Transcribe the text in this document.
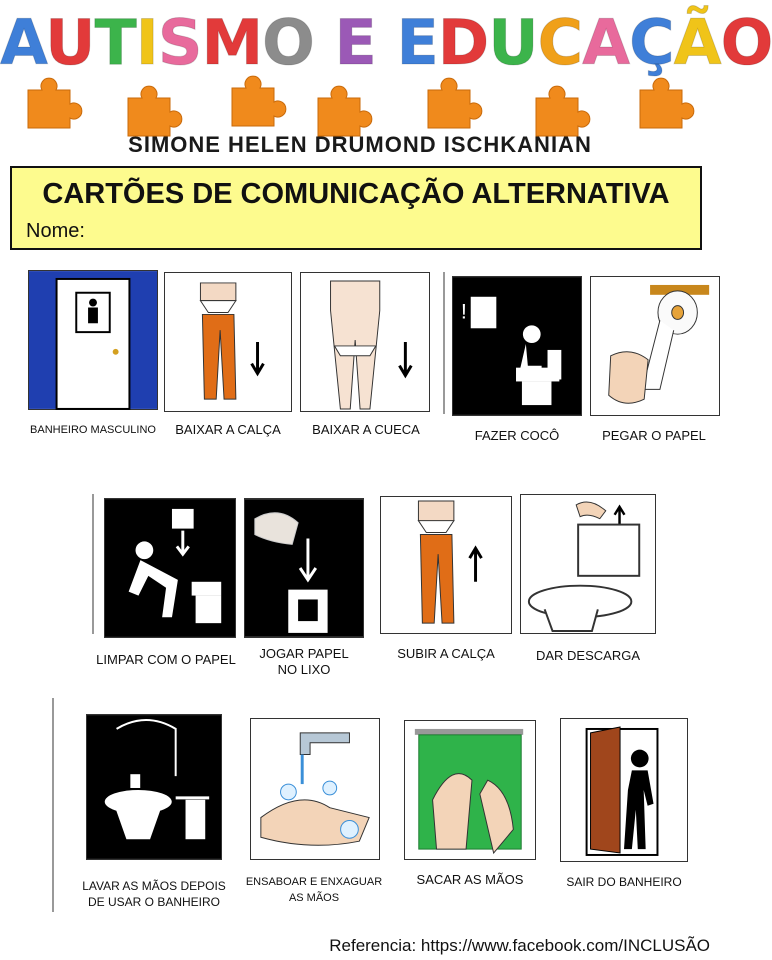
AUTISMO E EDUCAÇÃO
SIMONE HELEN DRUMOND ISCHKANIAN
CARTÕES DE COMUNICAÇÃO ALTERNATIVA
Nome:
BANHEIRO MASCULINO	BAIXAR A CALÇA	BAIXAR A CUECA
!
FAZER COCÔ	PEGAR O PAPEL
LIMPAR COM O PAPEL	JOGAR PAPEL
NO LIXO
SUBIR A CALÇA	DAR DESCARGA
LAVAR AS MÃOS DEPOIS
DE USAR O BANHEIRO
ENSABOAR E ENXAGUAR
AS MÃOS
SACAR AS MÃOS	SAIR DO BANHEIRO
Referencia: https://www.facebook.com/INCLUSÃO
